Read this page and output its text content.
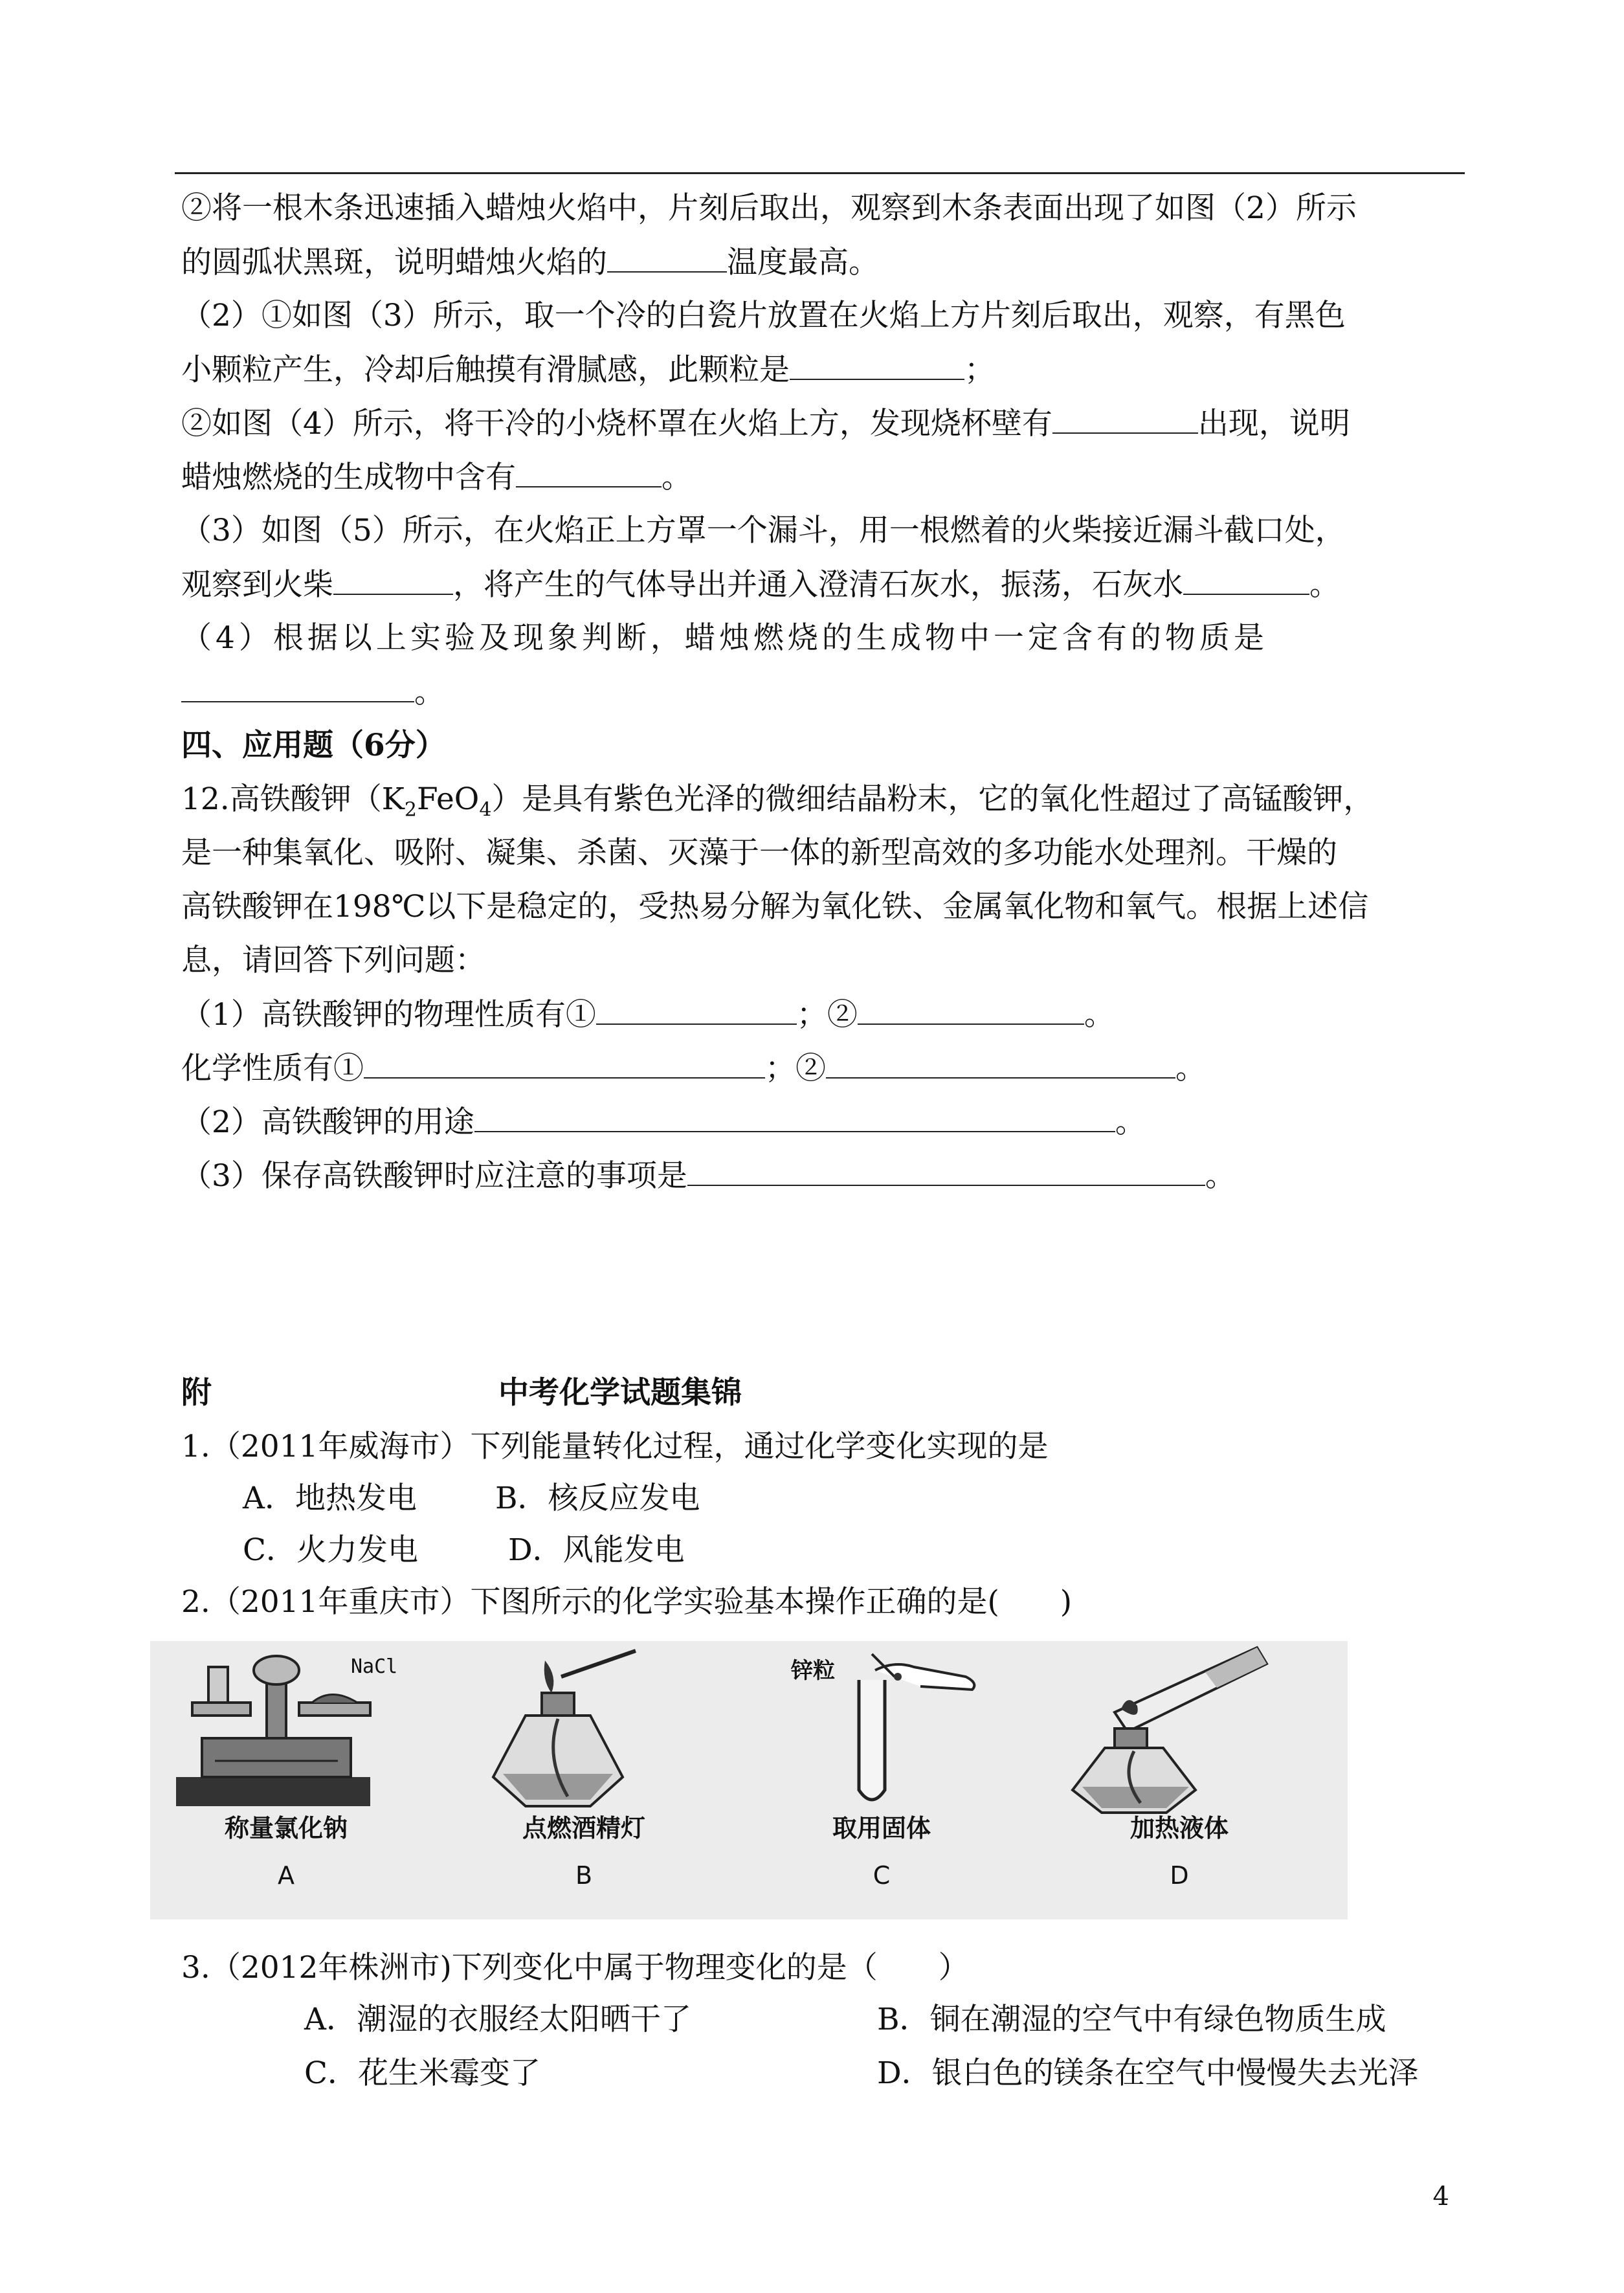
②将一根木条迅速插入蜡烛火焰中，片刻后取出，观察到木条表面出现了如图（2）所示
的圆弧状黑斑，说明蜡烛火焰的	温度最高。
（2）①如图（3）所示，取一个冷的白瓷片放置在火焰上方片刻后取出，观察，有黑色
小颗粒产生，冷却后触摸有滑腻感，此颗粒是	；
②如图（4）所示，将干冷的小烧杯罩在火焰上方，发现烧杯壁有	出现，说明
蜡烛燃烧的生成物中含有	。
（3）如图（5）所示，在火焰正上方罩一个漏斗，用一根燃着的火柴接近漏斗截口处，
观察到火柴	，将产生的气体导出并通入澄清石灰水，振荡，石灰水	。
（4）根据以上实验及现象判断，蜡烛燃烧的生成物中一定含有的物质是
。
四、应用题（6分）
12.高铁酸钾$(K_2FeO_4)$是具有紫色光泽的微细结晶粉末，它的氧化性超过了高锰酸钾，
是一种集氧化、吸附、凝集、杀菌、灭藻于一体的新型高效的多功能水处理剂。干燥的
高铁酸钾在198℃以下是稳定的，受热易分解为氧化铁、金属氧化物和氧气。根据上述信
息，请回答下列问题：
（1）高铁酸钾的物理性质有①	；②	。
化学性质有①	；②	。
（2）高铁酸钾的用途	。
（3）保存高铁酸钾时应注意的事项是	。
附	中考化学试题集锦
1.（2011年威海市）下列能量转化过程，通过化学变化实现的是
A．地热发电	B．核反应发电
C．火力发电	D．风能发电
2.（2011年重庆市）下图所示的化学实验基本操作正确的是(　　)
NaCl
称量氯化钠
A
点燃酒精灯
B
锌粒
取用固体
C
加热液体
D
3.（2012年株洲市)下列变化中属于物理变化的是（　　）
A．潮湿的衣服经太阳晒干了	B．铜在潮湿的空气中有绿色物质生成
C．花生米霉变了	D．银白色的镁条在空气中慢慢失去光泽
4
